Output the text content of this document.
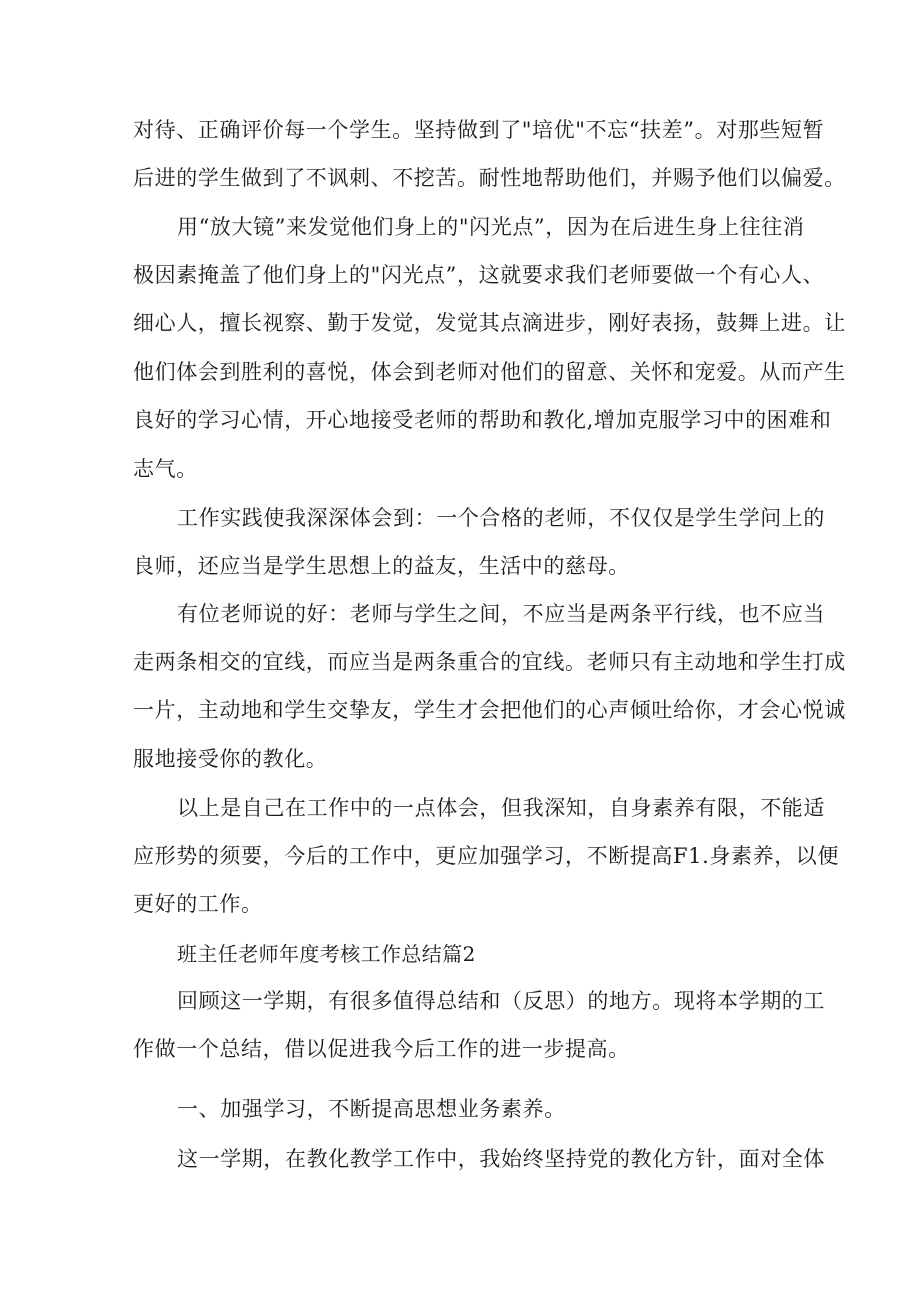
对待、正确评价每一个学生。坚持做到了"培优"不忘“扶差”。对那些短暂
后进的学生做到了不讽刺、不挖苦。耐性地帮助他们，并赐予他们以偏爱。
用“放大镜”来发觉他们身上的"闪光点”，因为在后进生身上往往消
极因素掩盖了他们身上的"闪光点”，这就要求我们老师要做一个有心人、
细心人，擅长视察、勤于发觉，发觉其点滴进步，刚好表扬，鼓舞上进。让
他们体会到胜利的喜悦，体会到老师对他们的留意、关怀和宠爱。从而产生
良好的学习心情，开心地接受老师的帮助和教化,增加克服学习中的困难和
志气。
工作实践使我深深体会到：一个合格的老师，不仅仅是学生学问上的
良师，还应当是学生思想上的益友，生活中的慈母。
有位老师说的好：老师与学生之间，不应当是两条平行线，也不应当
走两条相交的宜线，而应当是两条重合的宜线。老师只有主动地和学生打成
一片，主动地和学生交挚友，学生才会把他们的心声倾吐给你，才会心悦诚
服地接受你的教化。
以上是自己在工作中的一点体会，但我深知，自身素养有限，不能适
应形势的须要，今后的工作中，更应加强学习，不断提高F1.身素养，以便
更好的工作。
班主任老师年度考核工作总结篇2
回顾这一学期，有很多值得总结和（反思）的地方。现将本学期的工
作做一个总结，借以促进我今后工作的进一步提高。
一、加强学习，不断提高思想业务素养。
这一学期，在教化教学工作中，我始终坚持党的教化方针，面对全体
